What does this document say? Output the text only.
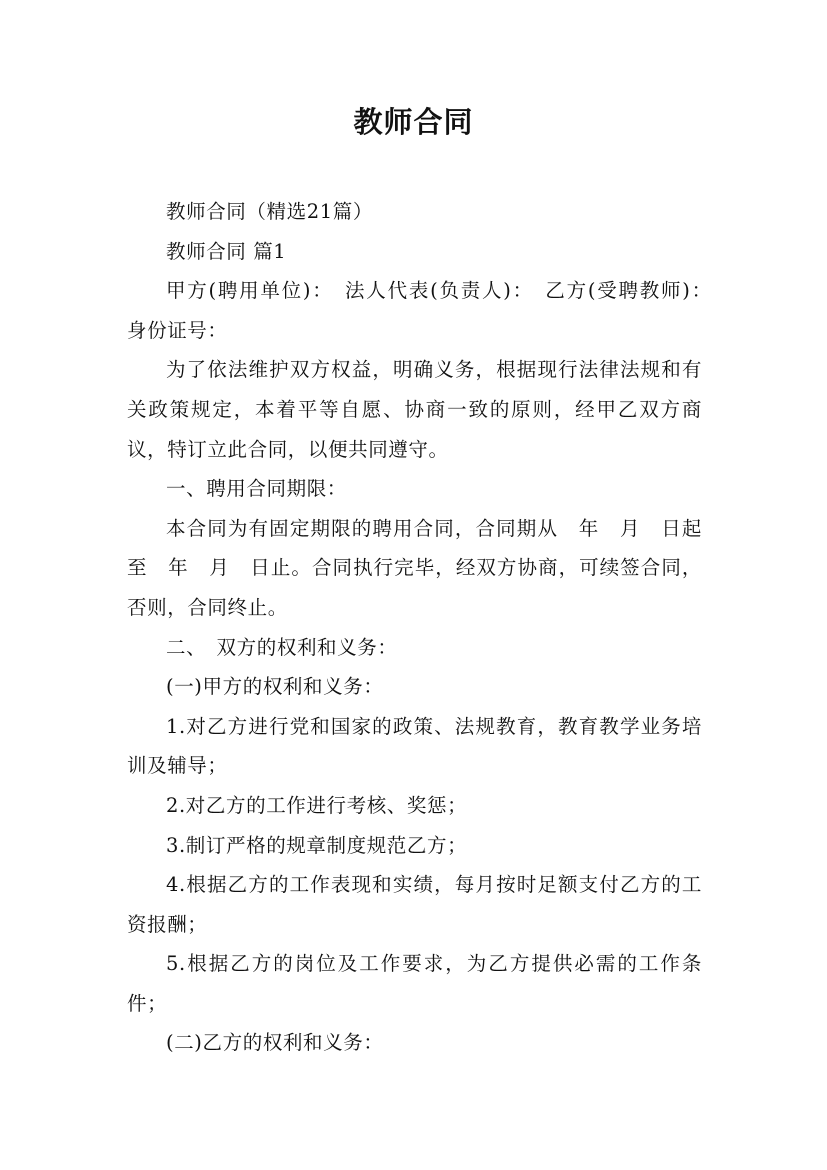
教师合同

教师合同（精选21篇）

教师合同 篇1

甲方(聘用单位)：　法人代表(负责人)：　乙方(受聘教师)：　身份证号：

为了依法维护双方权益，明确义务，根据现行法律法规和有关政策规定，本着平等自愿、协商一致的原则，经甲乙双方商议，特订立此合同，以便共同遵守。

一、聘用合同期限：

本合同为有固定期限的聘用合同，合同期从　年　月　日起至　年　月　日止。合同执行完毕，经双方协商，可续签合同，否则，合同终止。

二、　双方的权利和义务：

(一)甲方的权利和义务：

1.对乙方进行党和国家的政策、法规教育，教育教学业务培训及辅导；

2.对乙方的工作进行考核、奖惩；

3.制订严格的规章制度规范乙方；

4.根据乙方的工作表现和实绩，每月按时足额支付乙方的工资报酬；

5.根据乙方的岗位及工作要求，为乙方提供必需的工作条件；

(二)乙方的权利和义务：
